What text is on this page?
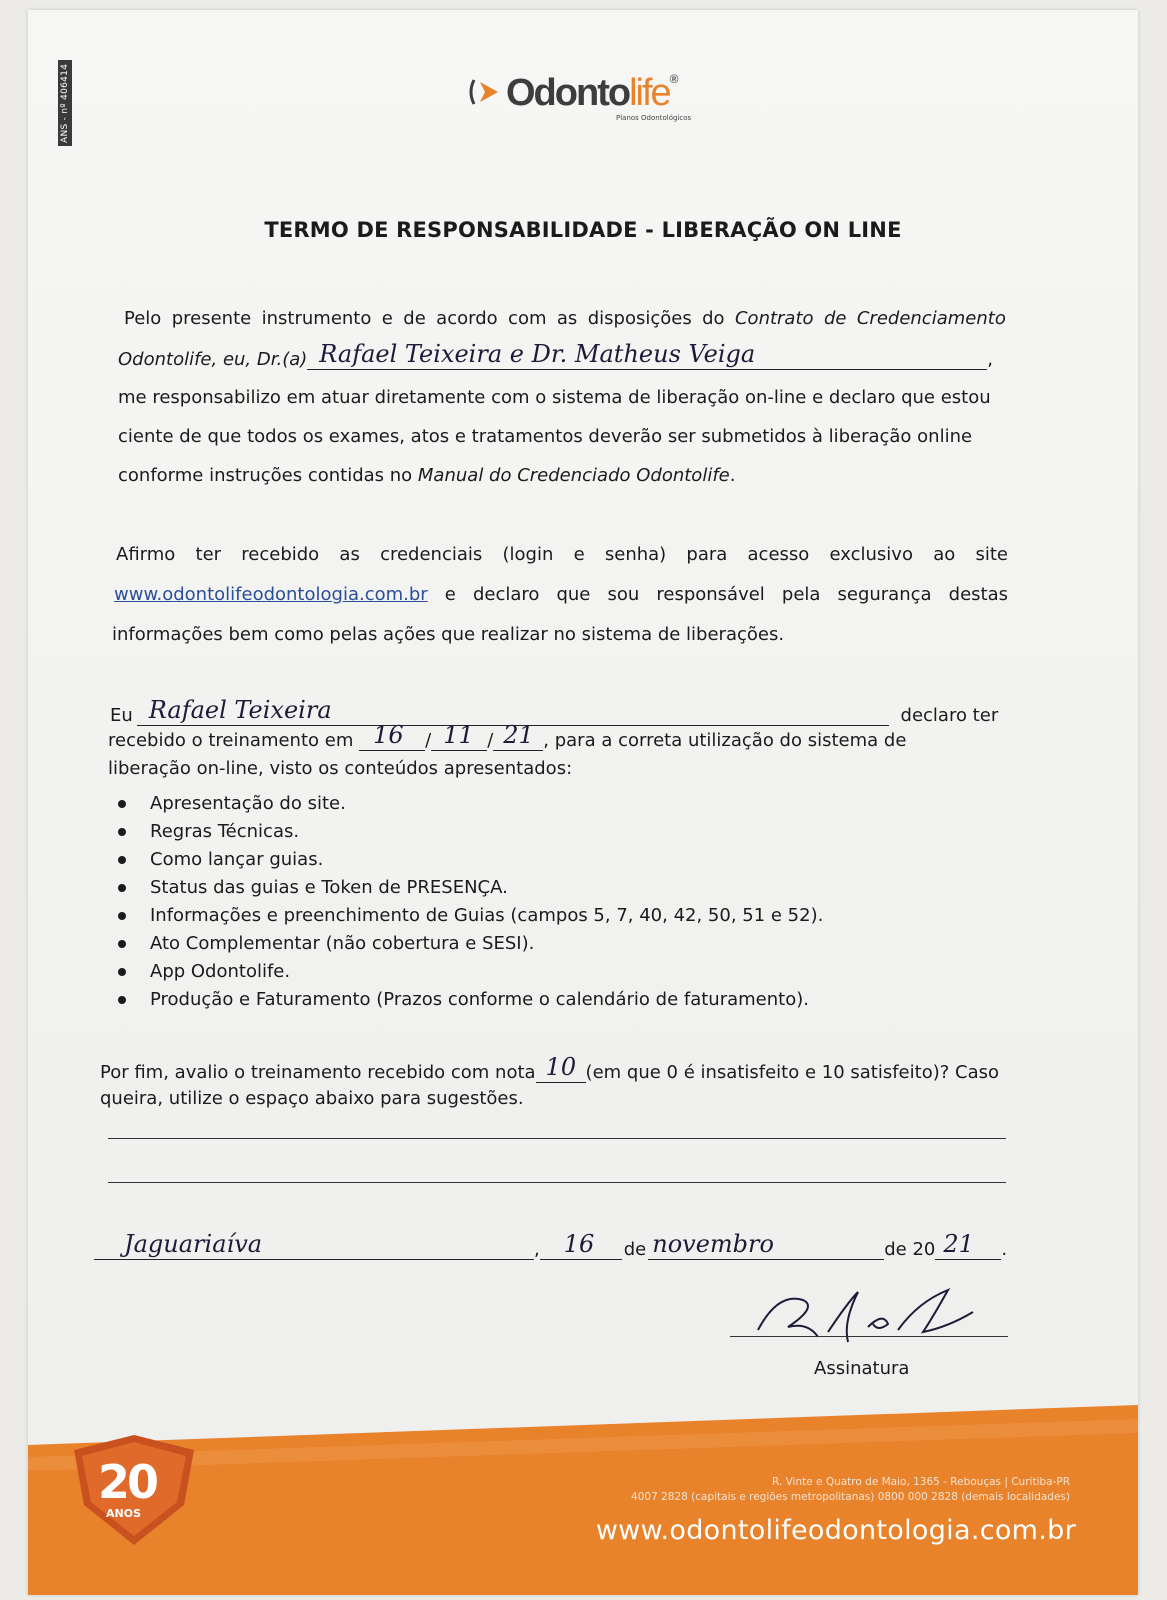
ANS - nº 406414	Odontolife®
Planos Odontológicos
TERMO DE RESPONSABILIDADE - LIBERAÇÃO ON LINE
Pelo presente instrumento e de acordo com as disposições do Contrato de Credenciamento
Odontolife, eu, Dr.(a) Rafael Teixeira e Dr. Matheus Veiga	,
me responsabilizo em atuar diretamente com o sistema de liberação on-line e declaro que estou
ciente de que todos os exames, atos e tratamentos deverão ser submetidos à liberação online
conforme instruções contidas no Manual do Credenciado Odontolife.
Afirmo ter recebido as credenciais (login e senha) para acesso exclusivo ao site
www.odontolifeodontologia.com.br e declaro que sou responsável pela segurança destas
informações bem como pelas ações que realizar no sistema de liberações.
Eu Rafael Teixeira	declaro ter
recebido o treinamento em 16 / 11 / 21 , para a correta utilização do sistema de
liberação on-line, visto os conteúdos apresentados:
Apresentação do site.
Regras Técnicas.
Como lançar guias.
Status das guias e Token de PRESENÇA.
Informações e preenchimento de Guias (campos 5, 7, 40, 42, 50, 51 e 52).
Ato Complementar (não cobertura e SESI).
App Odontolife.
Produção e Faturamento (Prazos conforme o calendário de faturamento).
Por fim, avalio o treinamento recebido com nota 10 (em que 0 é insatisfeito e 10 satisfeito)? Caso
queira, utilize o espaço abaixo para sugestões.
Jaguariaíva	, 16 de novembro	de 20 21 .
Assinatura
20
ANOS
R. Vinte e Quatro de Maio, 1365 - Rebouças | Curitiba-PR
4007 2828 (capitais e regiões metropolitanas) 0800 000 2828 (demais localidades)
www.odontolifeodontologia.com.br
